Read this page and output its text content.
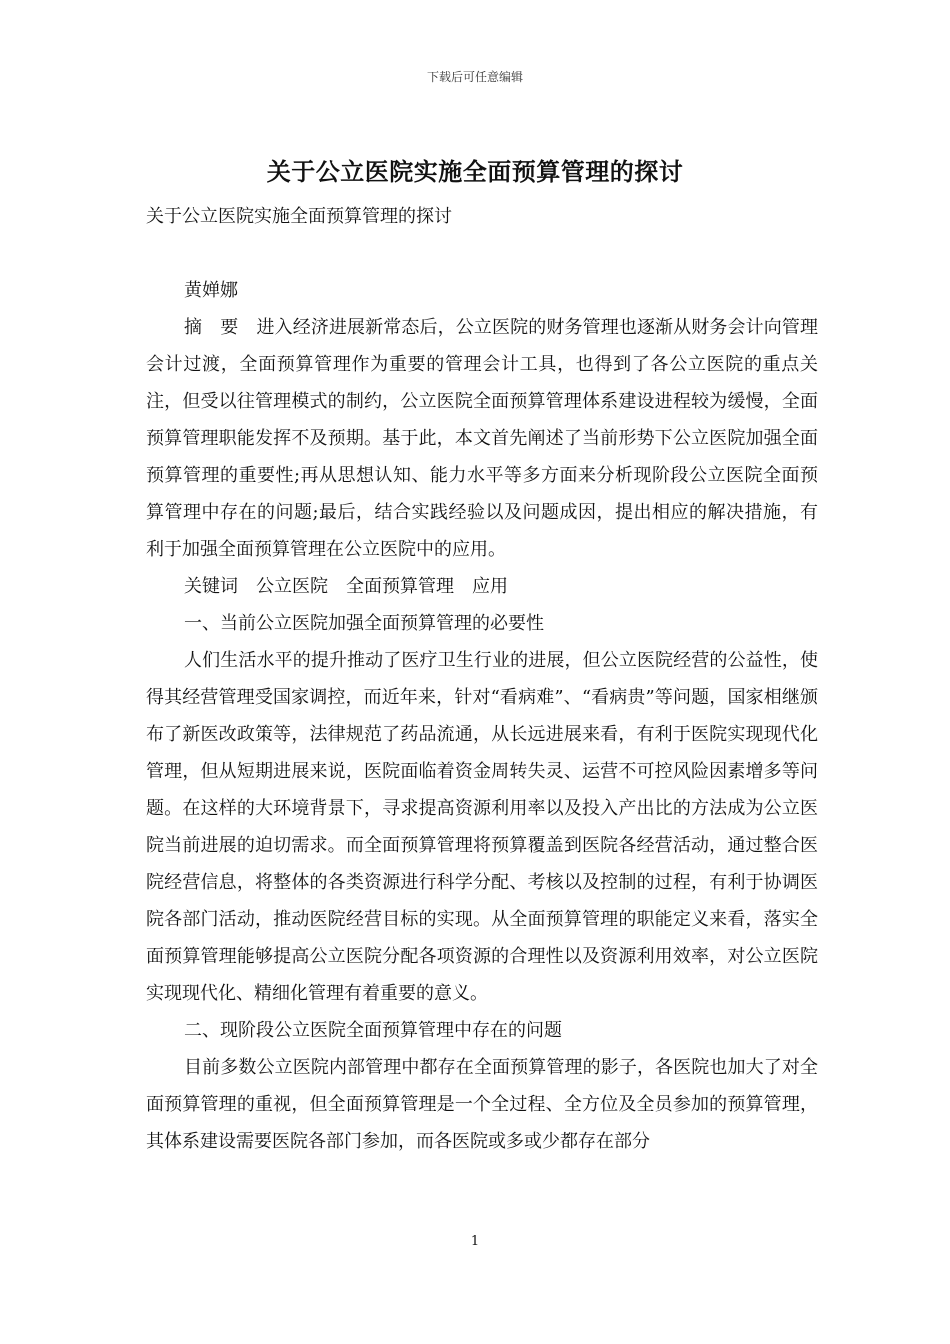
下载后可任意编辑
关于公立医院实施全面预算管理的探讨

关于公立医院实施全面预算管理的探讨

黄婵娜

摘　要　进入经济进展新常态后，公立医院的财务管理也逐渐从财务会计向管理会计过渡，全面预算管理作为重要的管理会计工具，也得到了各公立医院的重点关注，但受以往管理模式的制约，公立医院全面预算管理体系建设进程较为缓慢，全面预算管理职能发挥不及预期。基于此，本文首先阐述了当前形势下公立医院加强全面预算管理的重要性;再从思想认知、能力水平等多方面来分析现阶段公立医院全面预算管理中存在的问题;最后，结合实践经验以及问题成因，提出相应的解决措施，有利于加强全面预算管理在公立医院中的应用。

关键词　公立医院　全面预算管理　应用

一、当前公立医院加强全面预算管理的必要性

人们生活水平的提升推动了医疗卫生行业的进展，但公立医院经营的公益性，使得其经营管理受国家调控，而近年来，针对“看病难”、“看病贵”等问题，国家相继颁布了新医改政策等，法律规范了药品流通，从长远进展来看，有利于医院实现现代化管理，但从短期进展来说，医院面临着资金周转失灵、运营不可控风险因素增多等问题。在这样的大环境背景下，寻求提高资源利用率以及投入产出比的方法成为公立医院当前进展的迫切需求。而全面预算管理将预算覆盖到医院各经营活动，通过整合医院经营信息，将整体的各类资源进行科学分配、考核以及控制的过程，有利于协调医院各部门活动，推动医院经营目标的实现。从全面预算管理的职能定义来看，落实全面预算管理能够提高公立医院分配各项资源的合理性以及资源利用效率，对公立医院实现现代化、精细化管理有着重要的意义。

二、现阶段公立医院全面预算管理中存在的问题

目前多数公立医院内部管理中都存在全面预算管理的影子，各医院也加大了对全面预算管理的重视，但全面预算管理是一个全过程、全方位及全员参加的预算管理，其体系建设需要医院各部门参加，而各医院或多或少都存在部分

1
